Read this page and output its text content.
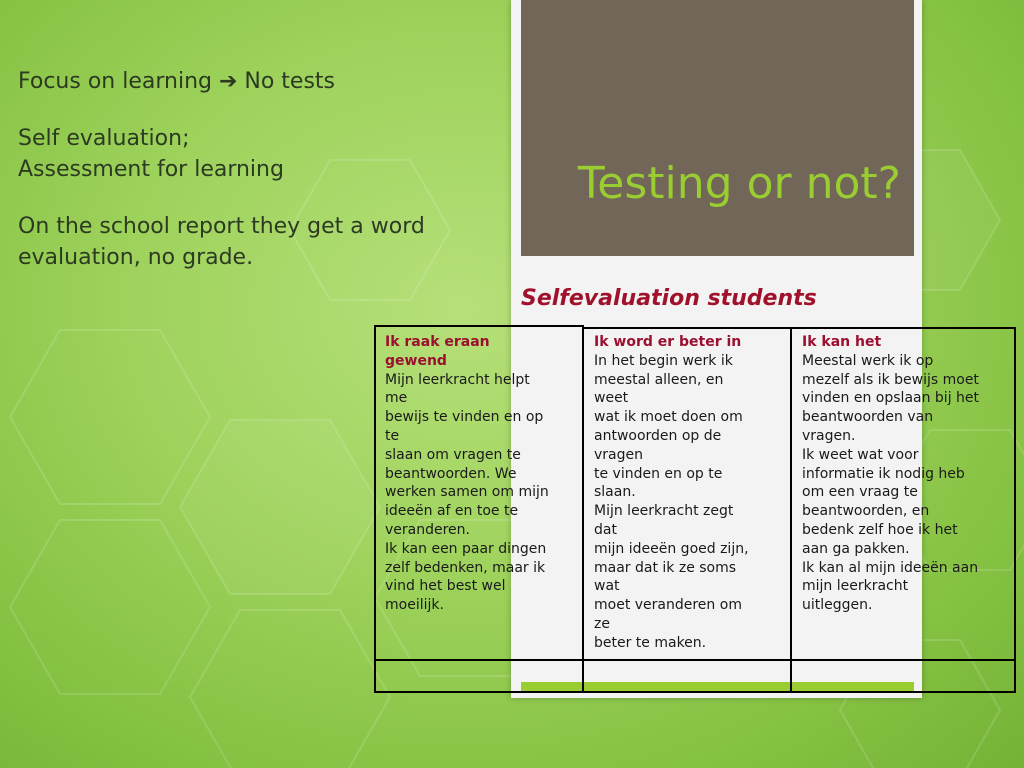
Focus on learning ➔ No tests
Self evaluation;
Assessment for learning
On the school report they get a word
evaluation, no grade.
Testing or not?
Selfevaluation students
Ik raak eraan
gewend
Mijn leerkracht helpt
me
bewijs te vinden en op
te
slaan om vragen te
beantwoorden. We
werken samen om mijn
ideeën af en toe te
veranderen.
Ik kan een paar dingen
zelf bedenken, maar ik
vind het best wel
moeilijk.
Ik word er beter in
In het begin werk ik
meestal alleen, en
weet
wat ik moet doen om
antwoorden op de
vragen
te vinden en op te
slaan.
Mijn leerkracht zegt
dat
mijn ideeën goed zijn,
maar dat ik ze soms
wat
moet veranderen om
ze
beter te maken.
Ik kan het
Meestal werk ik op
mezelf als ik bewijs moet
vinden en opslaan bij het
beantwoorden van
vragen.
Ik weet wat voor
informatie ik nodig heb
om een vraag te
beantwoorden, en
bedenk zelf hoe ik het
aan ga pakken.
Ik kan al mijn ideeën aan
mijn leerkracht
uitleggen.
